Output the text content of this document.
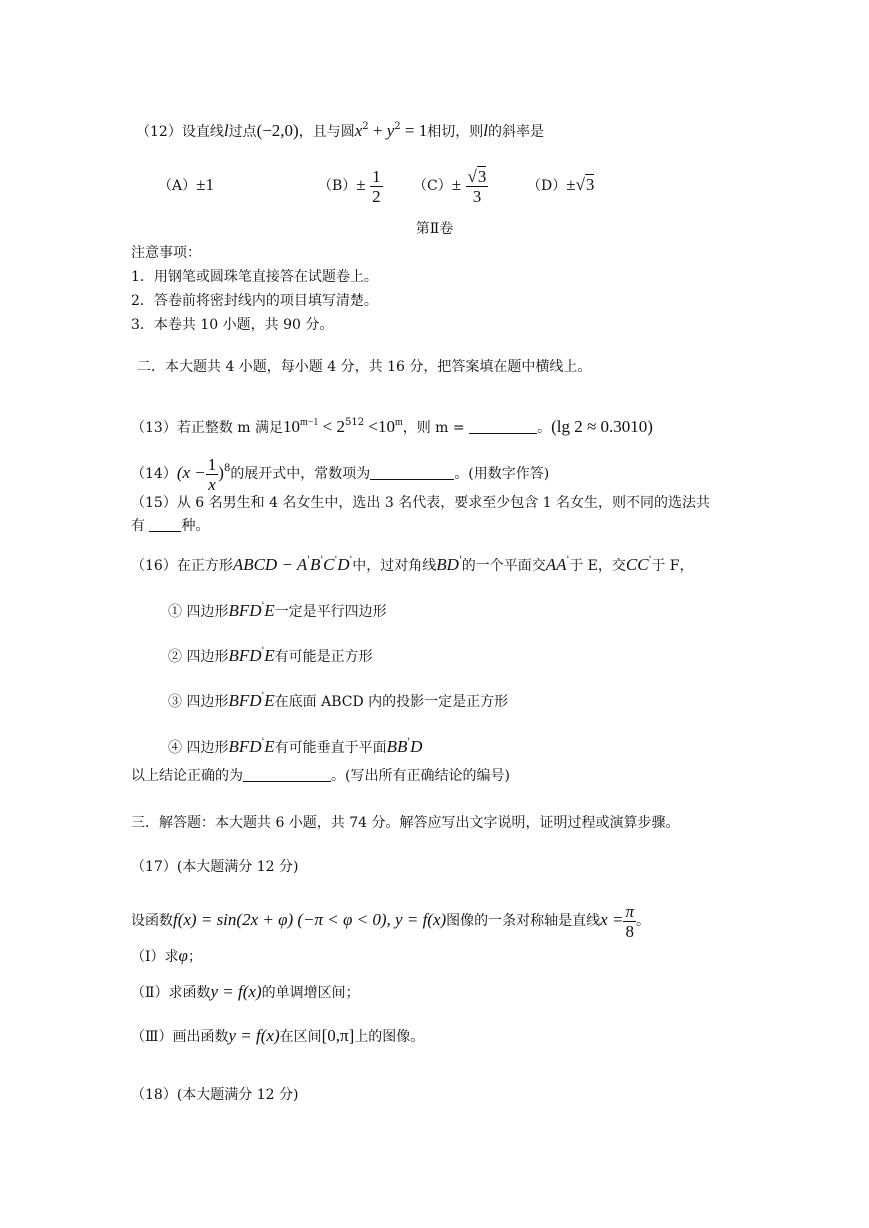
（12）设直线l过点(−2,0)，且与圆$x^2 + y^2 = 1$相切，则l的斜率是
（A）±1	$(B)\pm \frac{1}{2} (C)\pm \frac{√3}{3}$	（D）±√3
第Ⅱ卷
注意事项：
1．用钢笔或圆珠笔直接答在试题卷上。
2．答卷前将密封线内的项目填写清楚。
3．本卷共 10 小题，共 90 分。
二．本大题共 4 小题，每小题 4 分，共 16 分，把答案填在题中横线上。
（13）若正整数 m 满足$10^{m-1} < 2^{512} <10^m$，则 m =	。(lg 2 ≈ 0.3010)
$(14)(x - \frac{1}{x} )^8$的展开式中，常数项为	。(用数字作答)
（15）从 6 名男生和 4 名女生中，选出 3 名代表，要求至少包含 1 名女生，则不同的选法共
有 种。
（16）在正方形ABCD − A'B'C'D'中，过对角线BD'的一个平面交AA'于 E，交CC'于 F，
① 四边形BFD'E一定是平行四边形
② 四边形BFD'E有可能是正方形
③ 四边形BFD'E在底面 ABCD 内的投影一定是正方形
④ 四边形BFD'E有可能垂直于平面BB'D
以上结论正确的为	。(写出所有正确结论的编号)
三．解答题：本大题共 6 小题，共 74 分。解答应写出文字说明，证明过程或演算步骤。
（17）(本大题满分 12 分)
设函数f(x) = sin(2x + φ) (−π < φ < 0), y = f(x)图像的一条对称轴是直线$x = \frac{\pi}{8}$ 。
（Ⅰ）求φ；
（Ⅱ）求函数y = f(x)的单调增区间；
（Ⅲ）画出函数y = f(x)在区间[0,π]上的图像。
（18）(本大题满分 12 分)
